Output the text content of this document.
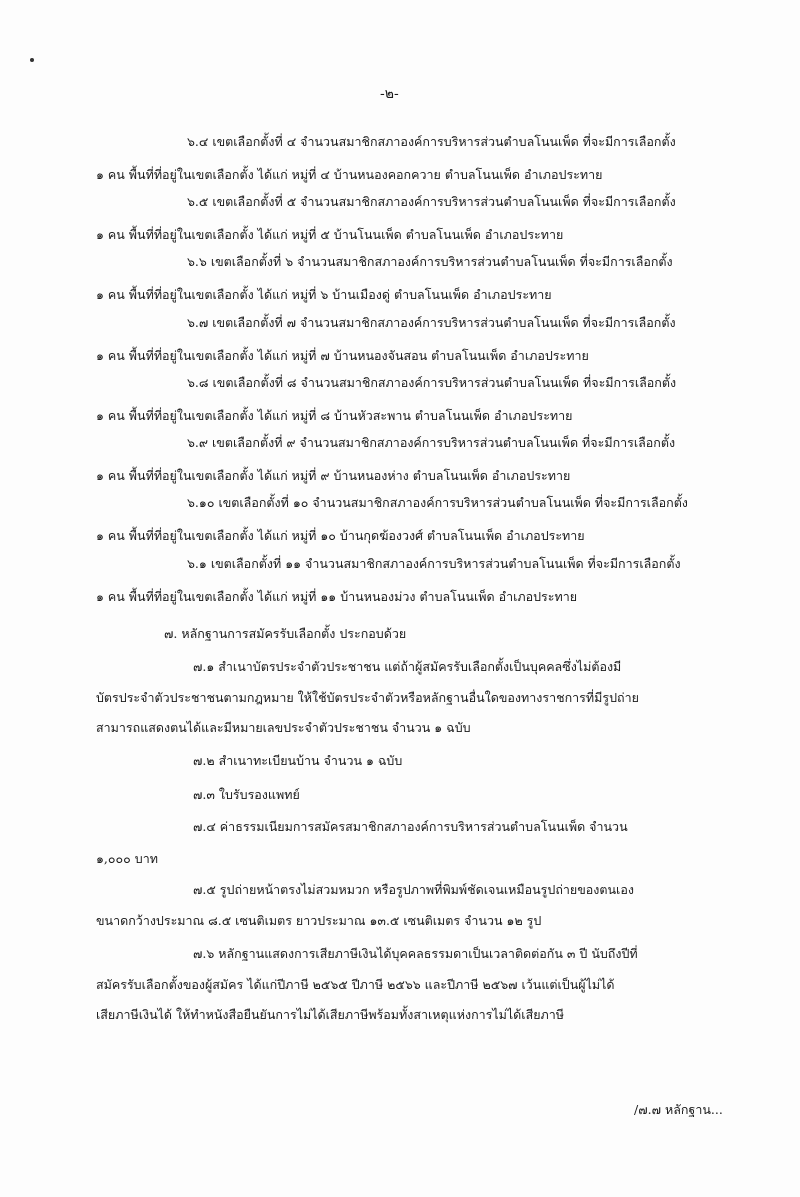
-๒-
๖.๔ เขตเลือกตั้งที่ ๔ จำนวนสมาชิกสภาองค์การบริหารส่วนตำบลโนนเพ็ด ที่จะมีการเลือกตั้ง
๑ คน พื้นที่ที่อยู่ในเขตเลือกตั้ง ได้แก่ หมู่ที่ ๔ บ้านหนองคอกควาย ตำบลโนนเพ็ด อำเภอประทาย
๖.๕ เขตเลือกตั้งที่ ๕ จำนวนสมาชิกสภาองค์การบริหารส่วนตำบลโนนเพ็ด ที่จะมีการเลือกตั้ง
๑ คน พื้นที่ที่อยู่ในเขตเลือกตั้ง ได้แก่ หมู่ที่ ๕ บ้านโนนเพ็ด ตำบลโนนเพ็ด อำเภอประทาย
๖.๖ เขตเลือกตั้งที่ ๖ จำนวนสมาชิกสภาองค์การบริหารส่วนตำบลโนนเพ็ด ที่จะมีการเลือกตั้ง
๑ คน พื้นที่ที่อยู่ในเขตเลือกตั้ง ได้แก่ หมู่ที่ ๖ บ้านเมืองดู่ ตำบลโนนเพ็ด อำเภอประทาย
๖.๗ เขตเลือกตั้งที่ ๗ จำนวนสมาชิกสภาองค์การบริหารส่วนตำบลโนนเพ็ด ที่จะมีการเลือกตั้ง
๑ คน พื้นที่ที่อยู่ในเขตเลือกตั้ง ได้แก่ หมู่ที่ ๗ บ้านหนองจันสอน ตำบลโนนเพ็ด อำเภอประทาย
๖.๘ เขตเลือกตั้งที่ ๘ จำนวนสมาชิกสภาองค์การบริหารส่วนตำบลโนนเพ็ด ที่จะมีการเลือกตั้ง
๑ คน พื้นที่ที่อยู่ในเขตเลือกตั้ง ได้แก่ หมู่ที่ ๘ บ้านหัวสะพาน ตำบลโนนเพ็ด อำเภอประทาย
๖.๙ เขตเลือกตั้งที่ ๙ จำนวนสมาชิกสภาองค์การบริหารส่วนตำบลโนนเพ็ด ที่จะมีการเลือกตั้ง
๑ คน พื้นที่ที่อยู่ในเขตเลือกตั้ง ได้แก่ หมู่ที่ ๙ บ้านหนองห่าง ตำบลโนนเพ็ด อำเภอประทาย
๖.๑๐ เขตเลือกตั้งที่ ๑๐ จำนวนสมาชิกสภาองค์การบริหารส่วนตำบลโนนเพ็ด ที่จะมีการเลือกตั้ง
๑ คน พื้นที่ที่อยู่ในเขตเลือกตั้ง ได้แก่ หมู่ที่ ๑๐ บ้านกุดฆ้องวงศ์ ตำบลโนนเพ็ด อำเภอประทาย
๖.๑ เขตเลือกตั้งที่ ๑๑ จำนวนสมาชิกสภาองค์การบริหารส่วนตำบลโนนเพ็ด ที่จะมีการเลือกตั้ง
๑ คน พื้นที่ที่อยู่ในเขตเลือกตั้ง ได้แก่ หมู่ที่ ๑๑ บ้านหนองม่วง ตำบลโนนเพ็ด อำเภอประทาย
๗. หลักฐานการสมัครรับเลือกตั้ง ประกอบด้วย
๗.๑ สำเนาบัตรประจำตัวประชาชน แต่ถ้าผู้สมัครรับเลือกตั้งเป็นบุคคลซึ่งไม่ต้องมี
บัตรประจำตัวประชาชนตามกฎหมาย ให้ใช้บัตรประจำตัวหรือหลักฐานอื่นใดของทางราชการที่มีรูปถ่าย
สามารถแสดงตนได้และมีหมายเลขประจำตัวประชาชน จำนวน ๑ ฉบับ
๗.๒ สำเนาทะเบียนบ้าน จำนวน ๑ ฉบับ
๗.๓ ใบรับรองแพทย์
๗.๔ ค่าธรรมเนียมการสมัครสมาชิกสภาองค์การบริหารส่วนตำบลโนนเพ็ด จำนวน
๑,๐๐๐ บาท
๗.๕ รูปถ่ายหน้าตรงไม่สวมหมวก หรือรูปภาพที่พิมพ์ชัดเจนเหมือนรูปถ่ายของตนเอง
ขนาดกว้างประมาณ ๘.๕ เซนติเมตร ยาวประมาณ ๑๓.๕ เซนติเมตร จำนวน ๑๒ รูป
๗.๖ หลักฐานแสดงการเสียภาษีเงินได้บุคคลธรรมดาเป็นเวลาติดต่อกัน ๓ ปี นับถึงปีที่
สมัครรับเลือกตั้งของผู้สมัคร ได้แก่ปีภาษี ๒๕๖๕ ปีภาษี ๒๕๖๖ และปีภาษี ๒๕๖๗ เว้นแต่เป็นผู้ไม่ได้
เสียภาษีเงินได้ ให้ทำหนังสือยืนยันการไม่ได้เสียภาษีพร้อมทั้งสาเหตุแห่งการไม่ได้เสียภาษี
/๗.๗ หลักฐาน...
